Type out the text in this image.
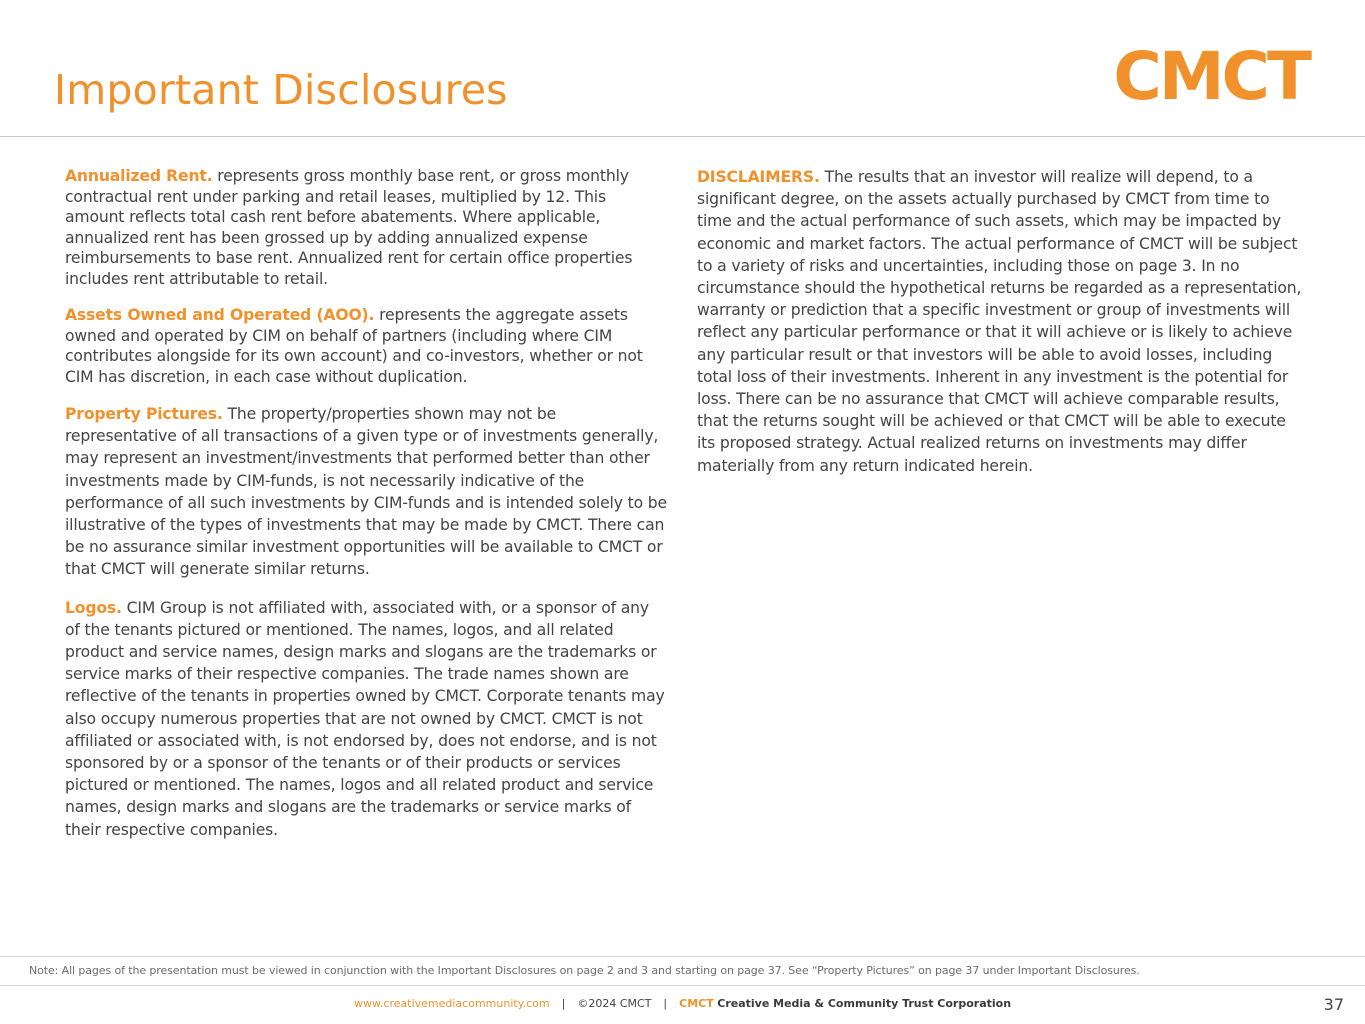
Important Disclosures	CMCT

Annualized Rent. represents gross monthly base rent, or gross monthly contractual rent under parking and retail leases, multiplied by 12. This amount reflects total cash rent before abatements. Where applicable, annualized rent has been grossed up by adding annualized expense reimbursements to base rent. Annualized rent for certain office properties includes rent attributable to retail.

Assets Owned and Operated (AOO). represents the aggregate assets owned and operated by CIM on behalf of partners (including where CIM contributes alongside for its own account) and co-investors, whether or not CIM has discretion, in each case without duplication.

Property Pictures. The property/properties shown may not be representative of all transactions of a given type or of investments generally, may represent an investment/investments that performed better than other investments made by CIM-funds, is not necessarily indicative of the performance of all such investments by CIM-funds and is intended solely to be illustrative of the types of investments that may be made by CMCT. There can be no assurance similar investment opportunities will be available to CMCT or that CMCT will generate similar returns.

Logos. CIM Group is not affiliated with, associated with, or a sponsor of any of the tenants pictured or mentioned. The names, logos, and all related product and service names, design marks and slogans are the trademarks or service marks of their respective companies. The trade names shown are reflective of the tenants in properties owned by CMCT. Corporate tenants may also occupy numerous properties that are not owned by CMCT. CMCT is not affiliated or associated with, is not endorsed by, does not endorse, and is not sponsored by or a sponsor of the tenants or of their products or services pictured or mentioned. The names, logos and all related product and service names, design marks and slogans are the trademarks or service marks of their respective companies.

DISCLAIMERS. The results that an investor will realize will depend, to a significant degree, on the assets actually purchased by CMCT from time to time and the actual performance of such assets, which may be impacted by economic and market factors. The actual performance of CMCT will be subject to a variety of risks and uncertainties, including those on page 3. In no circumstance should the hypothetical returns be regarded as a representation, warranty or prediction that a specific investment or group of investments will reflect any particular performance or that it will achieve or is likely to achieve any particular result or that investors will be able to avoid losses, including total loss of their investments. Inherent in any investment is the potential for loss. There can be no assurance that CMCT will achieve comparable results, that the returns sought will be achieved or that CMCT will be able to execute its proposed strategy. Actual realized returns on investments may differ materially from any return indicated herein.

Note: All pages of the presentation must be viewed in conjunction with the Important Disclosures on page 2 and 3 and starting on page 37. See “Property Pictures” on page 37 under Important Disclosures.
www.creativemediacommunity.com | ©2024 CMCT | CMCT Creative Media & Community Trust Corporation	37
